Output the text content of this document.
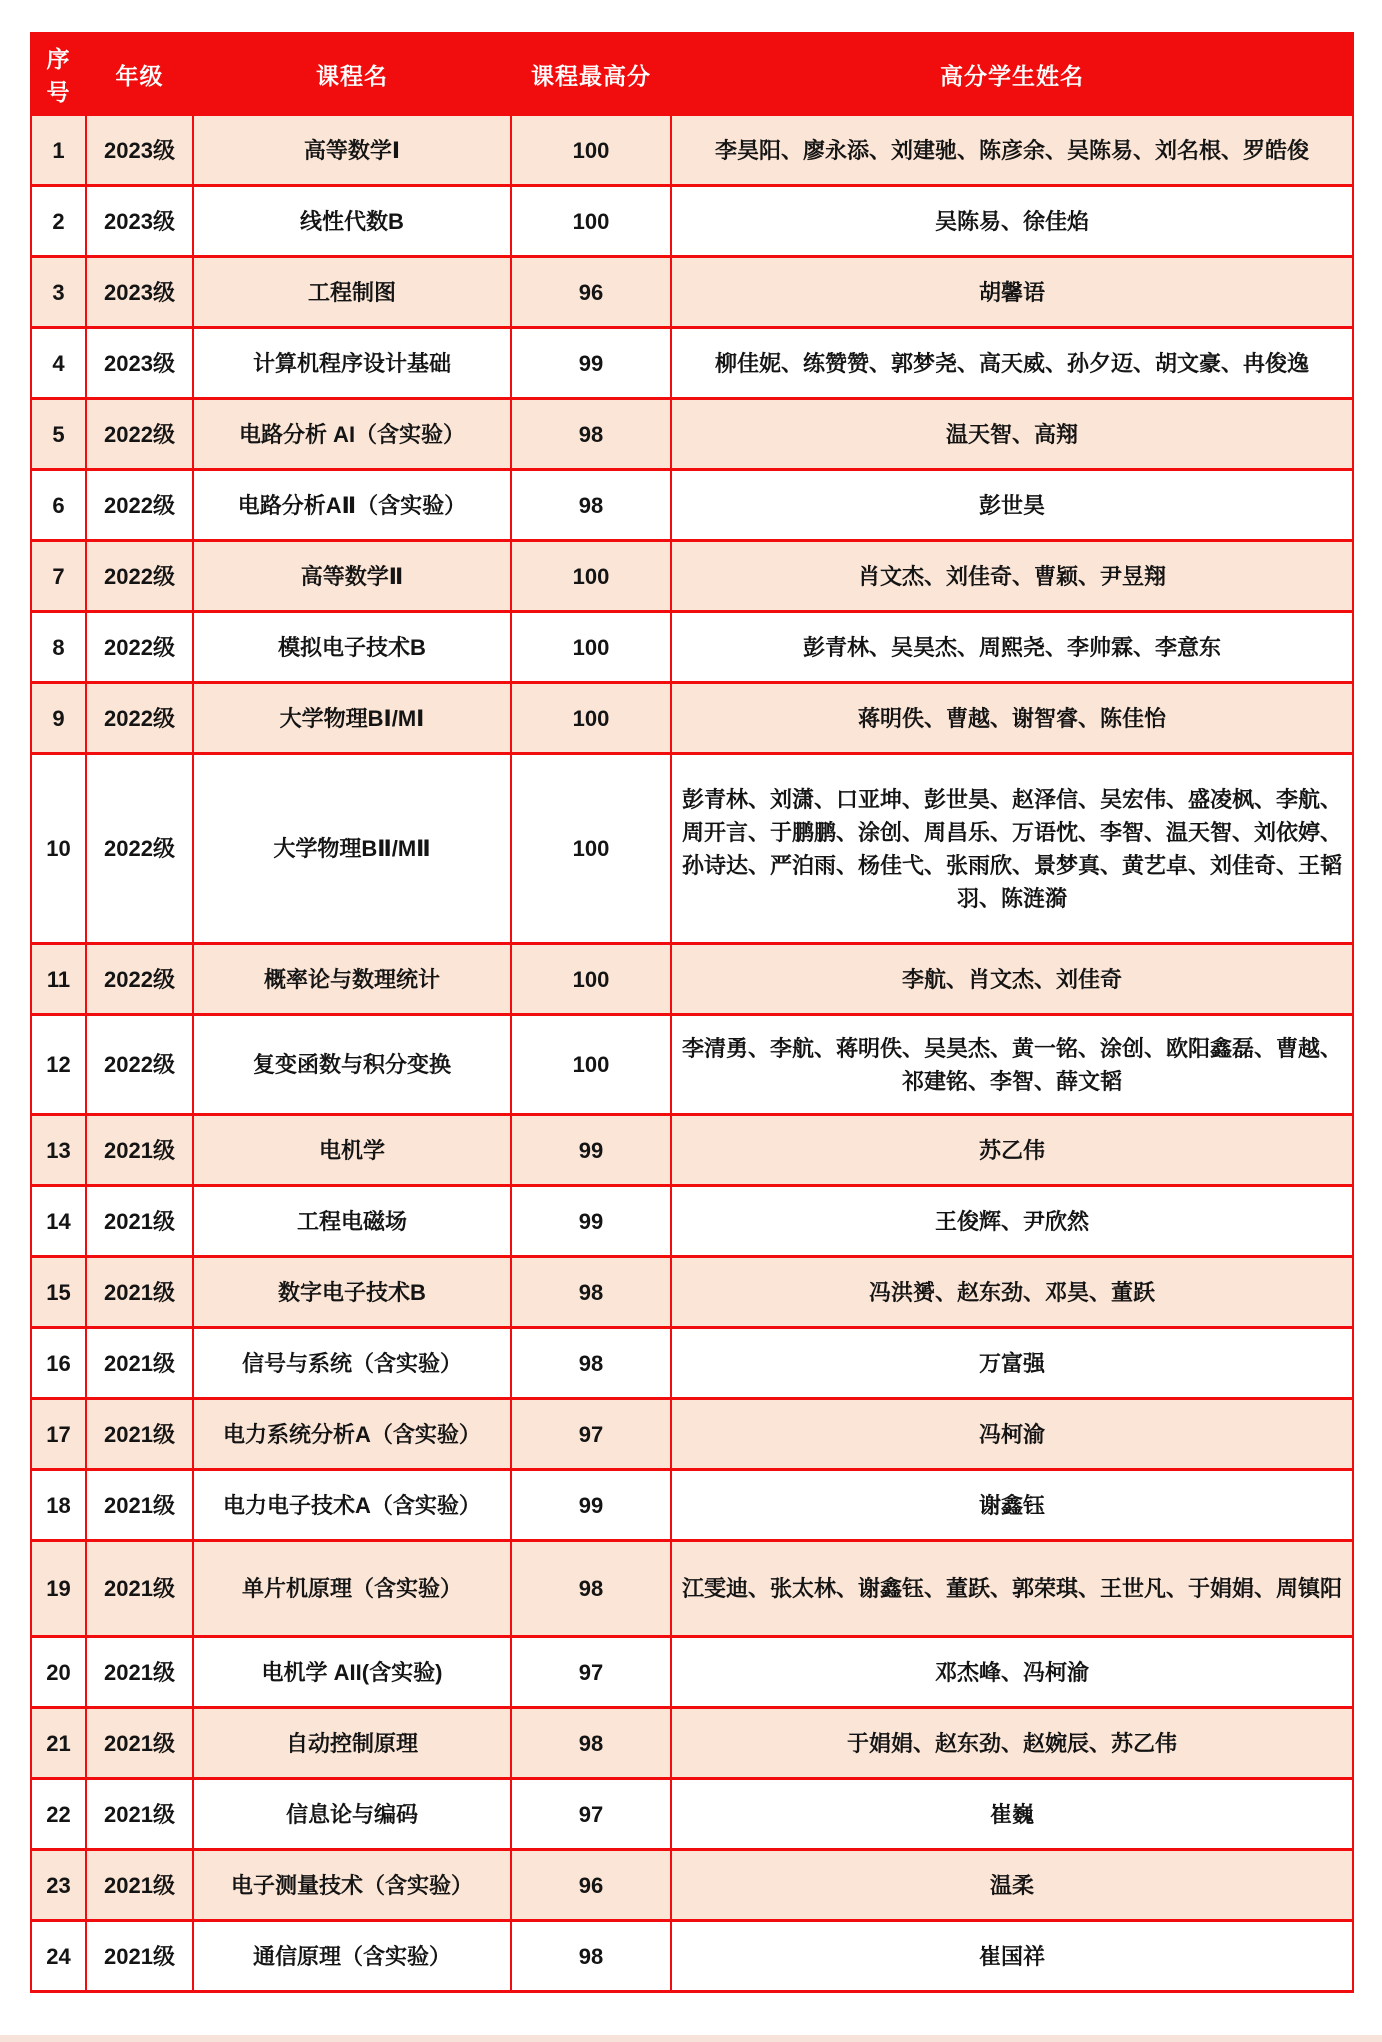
序号	年级	课程名	课程最高分	高分学生姓名
1	2023级	高等数学Ⅰ	100	李昊阳、廖永添、刘建驰、陈彦余、吴陈易、刘名根、罗皓俊
2	2023级	线性代数B	100	吴陈易、徐佳焰
3	2023级	工程制图	96	胡馨语
4	2023级	计算机程序设计基础	99	柳佳妮、练赞赞、郭梦尧、高天威、孙夕迈、胡文豪、冉俊逸
5	2022级	电路分析 AI（含实验）	98	温天智、高翔
6	2022级	电路分析AⅡ（含实验）	98	彭世昊
7	2022级	高等数学Ⅱ	100	肖文杰、刘佳奇、曹颖、尹昱翔
8	2022级	模拟电子技术B	100	彭青林、吴昊杰、周熙尧、李帅霖、李意东
9	2022级	大学物理BⅠ/MⅠ	100	蒋明佚、曹越、谢智睿、陈佳怡
10	2022级	大学物理BⅡ/MⅡ	100	彭青林、刘潇、口亚坤、彭世昊、赵泽信、吴宏伟、盛凌枫、李航、周开言、于鹏鹏、涂创、周昌乐、万语忱、李智、温天智、刘依婷、孙诗达、严泊雨、杨佳弋、张雨欣、景梦真、黄艺卓、刘佳奇、王韬羽、陈涟漪
11	2022级	概率论与数理统计	100	李航、肖文杰、刘佳奇
12	2022级	复变函数与积分变换	100	李清勇、李航、蒋明佚、吴昊杰、黄一铭、涂创、欧阳鑫磊、曹越、祁建铭、李智、薛文韬
13	2021级	电机学	99	苏乙伟
14	2021级	工程电磁场	99	王俊辉、尹欣然
15	2021级	数字电子技术B	98	冯洪赟、赵东劲、邓昊、董跃
16	2021级	信号与系统（含实验）	98	万富强
17	2021级	电力系统分析A（含实验）	97	冯柯渝
18	2021级	电力电子技术A（含实验）	99	谢鑫钰
19	2021级	单片机原理（含实验）	98	江雯迪、张太林、谢鑫钰、董跃、郭荣琪、王世凡、于娟娟、周镇阳
20	2021级	电机学 AII(含实验)	97	邓杰峰、冯柯渝
21	2021级	自动控制原理	98	于娟娟、赵东劲、赵婉辰、苏乙伟
22	2021级	信息论与编码	97	崔巍
23	2021级	电子测量技术（含实验）	96	温柔
24	2021级	通信原理（含实验）	98	崔国祥
